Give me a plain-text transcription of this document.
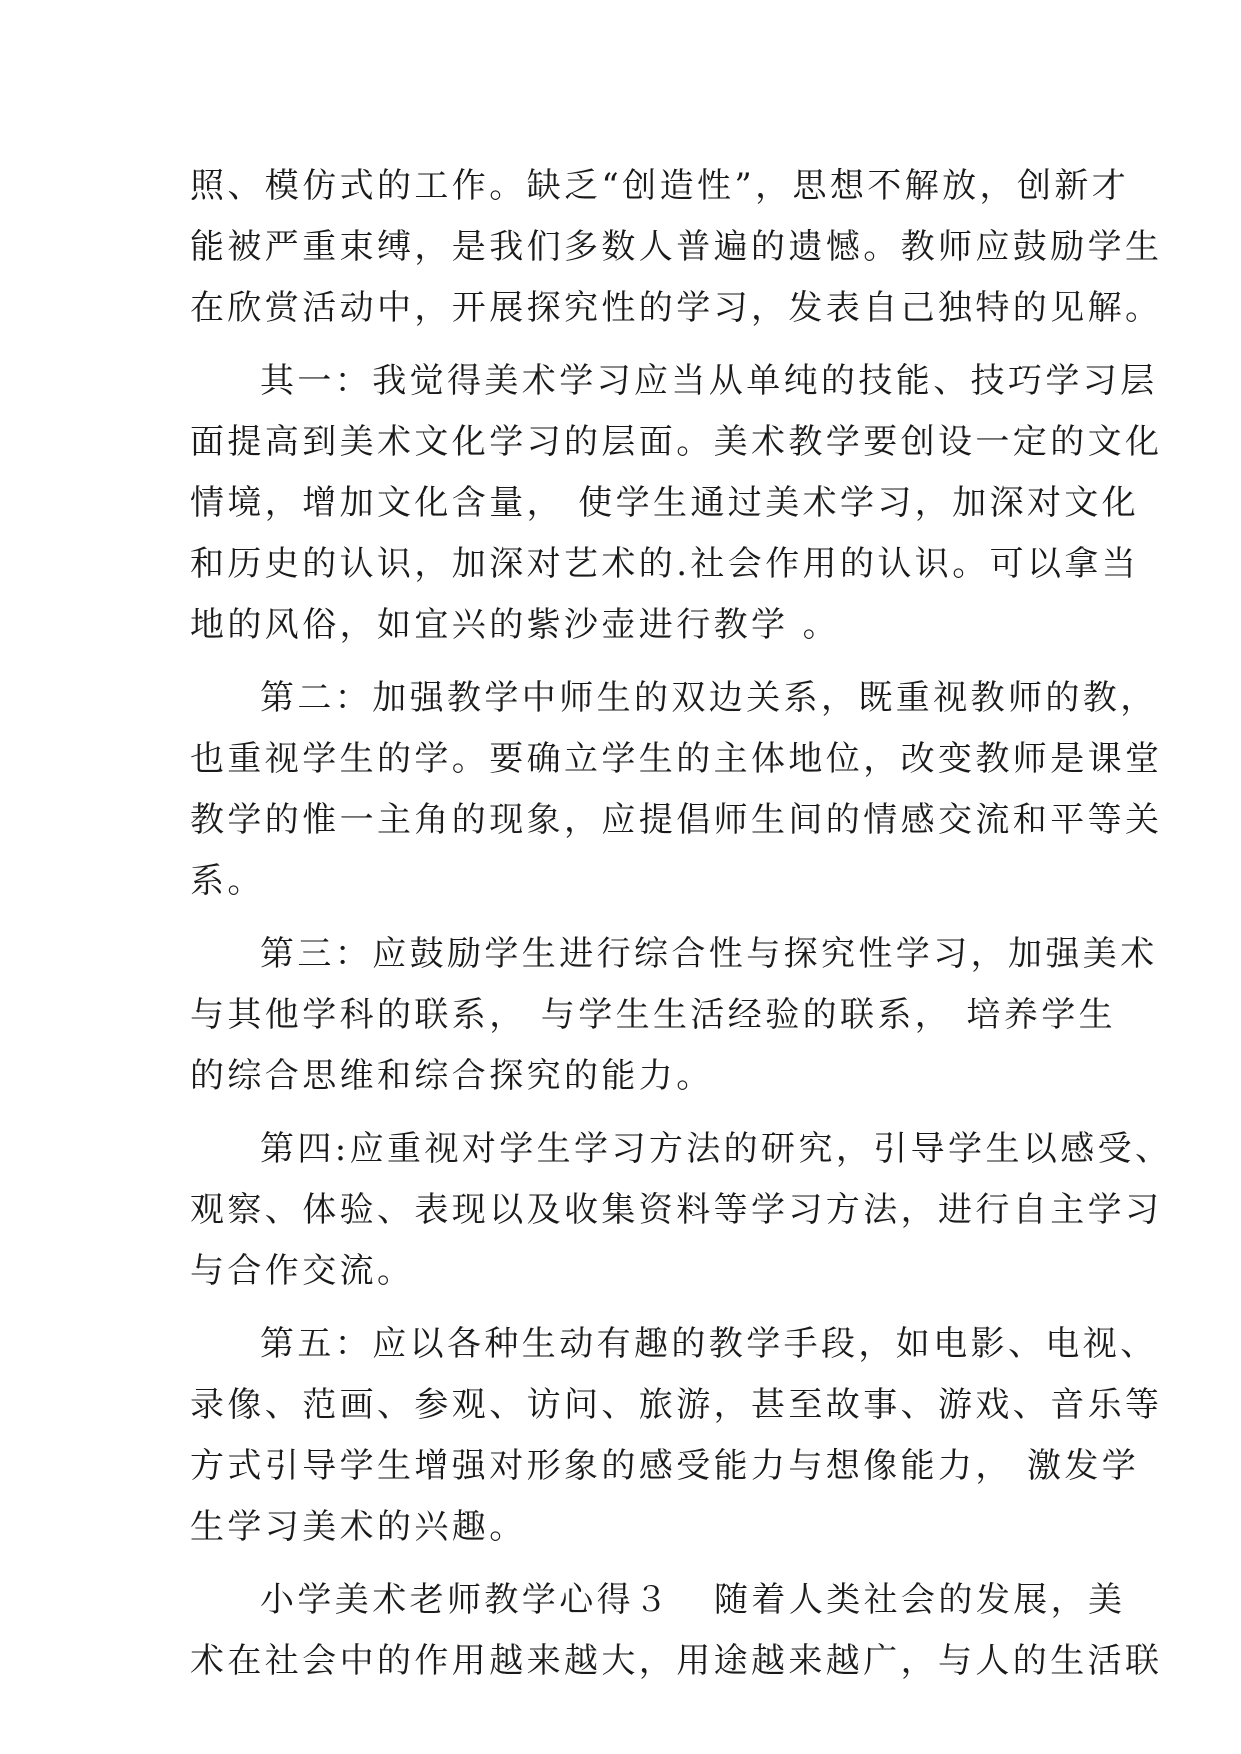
照、模仿式的工作。缺乏“创造性”，思想不解放，创新才
能被严重束缚，是我们多数人普遍的遗憾。教师应鼓励学生
在欣赏活动中，开展探究性的学习，发表自己独特的见解。
其一：我觉得美术学习应当从单纯的技能、技巧学习层
面提高到美术文化学习的层面。美术教学要创设一定的文化
情境，增加文化含量， 使学生通过美术学习，加深对文化
和历史的认识，加深对艺术的.社会作用的认识。可以拿当
地的风俗，如宜兴的紫沙壶进行教学 。
第二：加强教学中师生的双边关系，既重视教师的教，
也重视学生的学。要确立学生的主体地位，改变教师是课堂
教学的惟一主角的现象，应提倡师生间的情感交流和平等关
系。
第三：应鼓励学生进行综合性与探究性学习，加强美术
与其他学科的联系， 与学生生活经验的联系， 培养学生
的综合思维和综合探究的能力。
第四:应重视对学生学习方法的研究，引导学生以感受、
观察、体验、表现以及收集资料等学习方法，进行自主学习
与合作交流。
第五：应以各种生动有趣的教学手段，如电影、电视、
录像、范画、参观、访问、旅游，甚至故事、游戏、音乐等
方式引导学生增强对形象的感受能力与想像能力， 激发学
生学习美术的兴趣。
小学美术老师教学心得３   随着人类社会的发展，美
术在社会中的作用越来越大，用途越来越广，与人的生活联
